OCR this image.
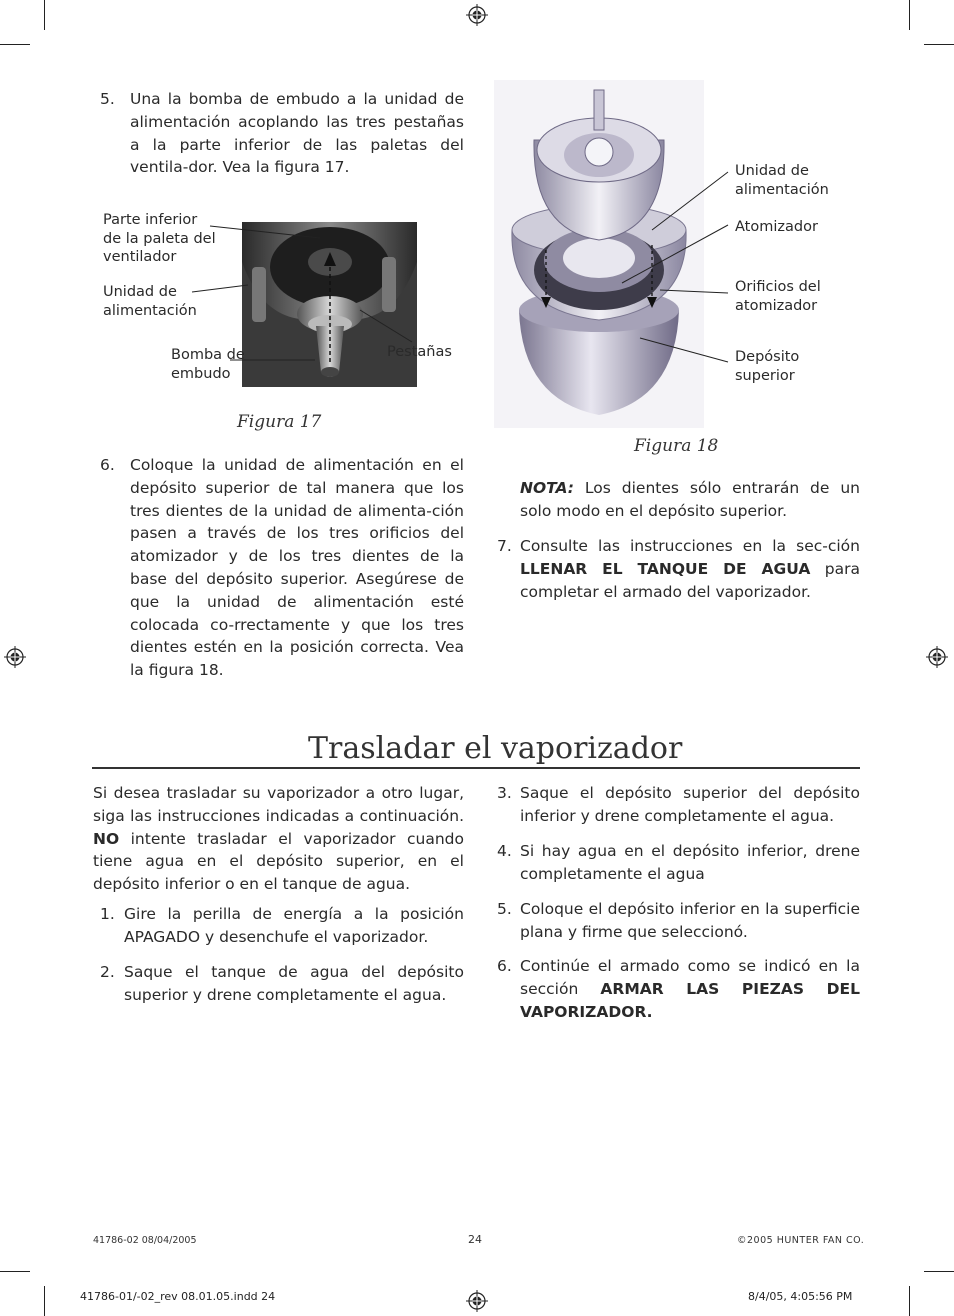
5. Una la bomba de embudo a la unidad de alimentación acoplando las tres pestañas a la parte inferior de las paletas del ventila-dor. Vea la figura 17.
Parte inferior de la paleta del ventilador
Unidad de alimentación
Bomba de embudo
Pestañas
Figura 17
6. Coloque la unidad de alimentación en el depósito superior de tal manera que los tres dientes de la unidad de alimenta-ción pasen a través de los tres orificios del atomizador y de los tres dientes de la base del depósito superior. Asegúrese de que la unidad de alimentación esté colocada co-rrectamente y que los tres dientes estén en la posición correcta. Vea la figura 18.
Unidad de alimentación
Atomizador
Orificios del atomizador
Depósito superior
Figura 18
NOTA: Los dientes sólo entrarán de un solo modo en el depósito superior.
7. Consulte las instrucciones en la sec-ción LLENAR EL TANQUE DE AGUA para completar el armado del vaporizador.
Trasladar el vaporizador
Si desea trasladar su vaporizador a otro lugar, siga las instrucciones indicadas a continuación. NO intente trasladar el vaporizador cuando tiene agua en el depósito superior, en el depósito inferior o en el tanque de agua.
1. Gire la perilla de energía a la posición APAGADO y desenchufe el vaporizador.
2. Saque el tanque de agua del depósito superior y drene completamente el agua.
3. Saque el depósito superior del depósito inferior y drene completamente el agua.
4. Si hay agua en el depósito inferior, drene completamente el agua
5. Coloque el depósito inferior en la superficie plana y firme que seleccionó.
6. Continúe el armado como se indicó en la sección ARMAR LAS PIEZAS DEL VAPORIZADOR.
41786-02 08/04/2005	24	©2005 HUNTER FAN CO.
41786-01/-02_rev 08.01.05.indd 24	8/4/05, 4:05:56 PM
